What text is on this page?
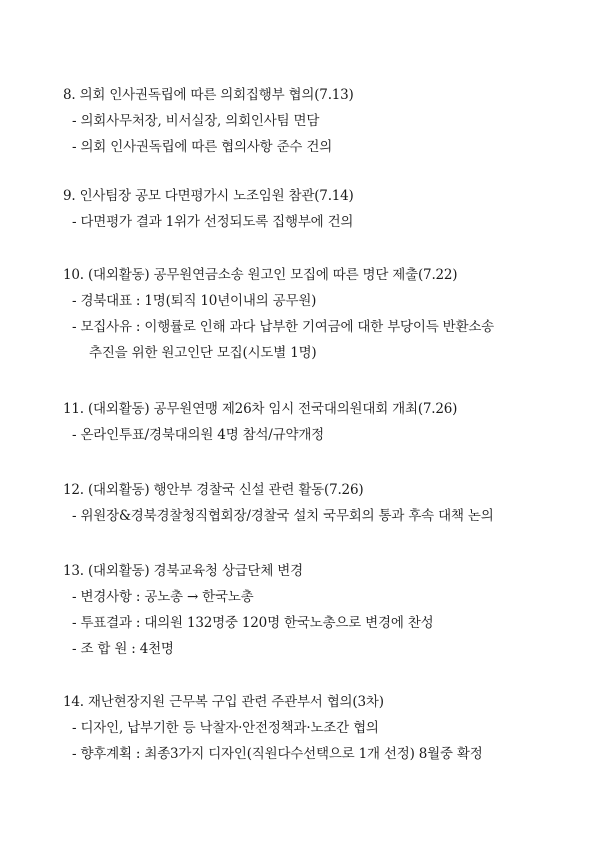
8. 의회 인사권독립에 따른 의회집행부 협의(7.13)
- 의회사무처장, 비서실장, 의회인사팀 면담
- 의회 인사권독립에 따른 협의사항 준수 건의
9. 인사팀장 공모 다면평가시 노조임원 참관(7.14)
- 다면평가 결과 1위가 선정되도록 집행부에 건의
10. (대외활동) 공무원연금소송 원고인 모집에 따른 명단 제출(7.22)
- 경북대표 : 1명(퇴직 10년이내의 공무원)
- 모집사유 : 이행률로 인해 과다 납부한 기여금에 대한 부당이득 반환소송
추진을 위한 원고인단 모집(시도별 1명)
11. (대외활동) 공무원연맹 제26차 임시 전국대의원대회 개최(7.26)
- 온라인투표/경북대의원 4명 참석/규약개정
12. (대외활동) 행안부 경찰국 신설 관련 활동(7.26)
- 위원장&경북경찰청직협회장/경찰국 설치 국무회의 통과 후속 대책 논의
13. (대외활동) 경북교육청 상급단체 변경
- 변경사항 : 공노총 → 한국노총
- 투표결과 : 대의원 132명중 120명 한국노총으로 변경에 찬성
- 조 합 원 : 4천명
14. 재난현장지원 근무복 구입 관련 주관부서 협의(3차)
- 디자인, 납부기한 등 낙찰자·안전정책과·노조간 협의
- 향후계획 : 최종3가지 디자인(직원다수선택으로 1개 선정) 8월중 확정
